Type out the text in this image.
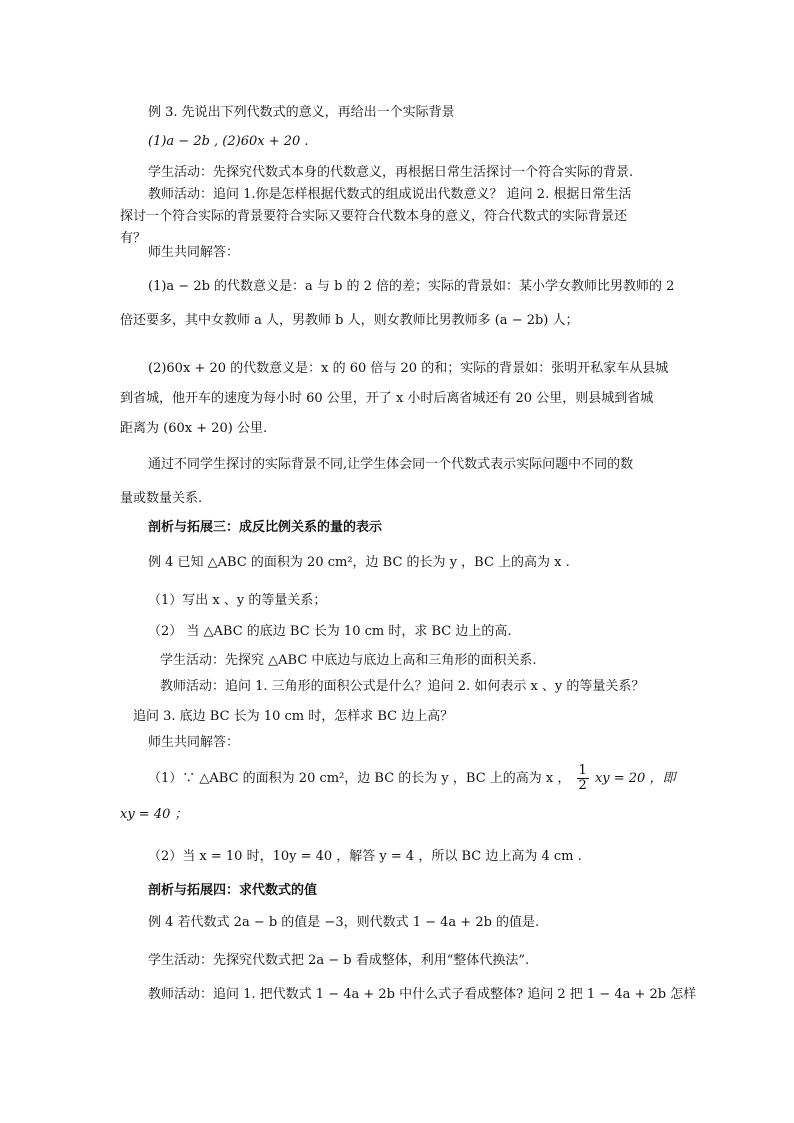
例 3. 先说出下列代数式的意义，再给出一个实际背景
(1)a − 2b , (2)60x + 20 .
学生活动：先探究代数式本身的代数意义，再根据日常生活探讨一个符合实际的背景.
教师活动：追问 1.你是怎样根据代数式的组成说出代数意义？ 追问 2. 根据日常生活
探讨一个符合实际的背景要符合实际又要符合代数本身的意义，符合代数式的实际背景还
有？
师生共同解答：
(1)a − 2b 的代数意义是：a 与 b 的 2 倍的差；实际的背景如：某小学女教师比男教师的 2
倍还要多，其中女教师 a 人，男教师 b 人，则女教师比男教师多 (a − 2b) 人；
(2)60x + 20 的代数意义是：x 的 60 倍与 20 的和；实际的背景如：张明开私家车从县城
到省城，他开车的速度为每小时 60 公里，开了 x 小时后离省城还有 20 公里，则县城到省城
距离为 (60x + 20) 公里.
通过不同学生探讨的实际背景不同,让学生体会同一个代数式表示实际问题中不同的数
量或数量关系.
剖析与拓展三：成反比例关系的量的表示
例 4 已知 △ABC 的面积为 20 cm²，边 BC 的长为 y ，BC 上的高为 x .
（1）写出 x 、y 的等量关系；
（2） 当 △ABC 的底边 BC 长为 10 cm 时，求 BC 边上的高.
学生活动：先探究 △ABC 中底边与底边上高和三角形的面积关系.
教师活动：追问 1. 三角形的面积公式是什么？追问 2. 如何表示 x 、y 的等量关系？
追问 3. 底边 BC 长为 10 cm 时，怎样求 BC 边上高？
师生共同解答：
（1）∵ △ABC 的面积为 20 cm²，边 BC 的长为 y ，BC 上的高为 x ， $\frac{1}{2}$ xy = 20 ，即
xy = 40 ；
（2）当 x = 10 时，10y = 40 ，解答 y = 4 ，所以 BC 边上高为 4 cm .
剖析与拓展四：求代数式的值
例 4 若代数式 2a − b 的值是 −3，则代数式 1 − 4a + 2b 的值是.
学生活动：先探究代数式把 2a − b 看成整体，利用“整体代换法”.
教师活动：追问 1. 把代数式 1 − 4a + 2b 中什么式子看成整体? 追问 2 把 1 − 4a + 2b 怎样
